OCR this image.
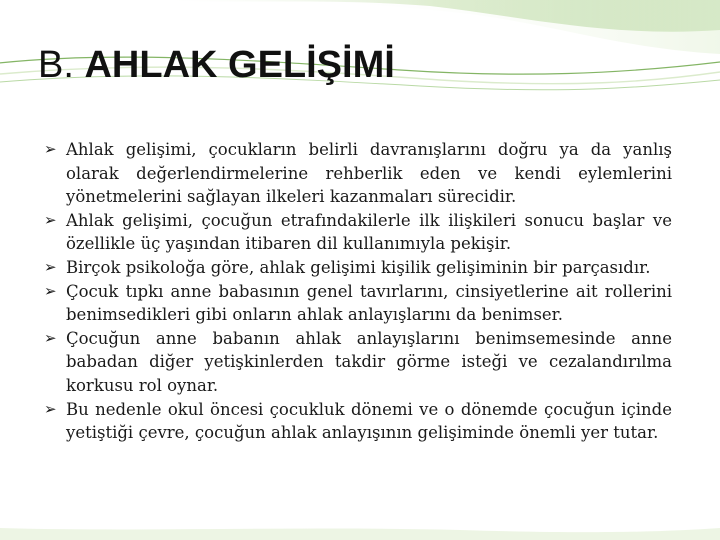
B. AHLAK GELİŞİMİ
➢ Ahlak gelişimi, çocukların belirli davranışlarını doğru ya da yanlış olarak değerlendirmelerine rehberlik eden ve kendi eylemlerini yönetmelerini sağlayan ilkeleri kazanmaları sürecidir.
➢ Ahlak gelişimi, çocuğun etrafındakilerle ilk ilişkileri sonucu başlar ve özellikle üç yaşından itibaren dil kullanımıyla pekişir.
➢ Birçok psikoloğa göre, ahlak gelişimi kişilik gelişiminin bir parçasıdır.
➢ Çocuk tıpkı anne babasının genel tavırlarını, cinsiyetlerine ait rollerini benimsedikleri gibi onların ahlak anlayışlarını da benimser.
➢ Çocuğun anne babanın ahlak anlayışlarını benimsemesinde anne babadan diğer yetişkinlerden takdir görme isteği ve cezalandırılma korkusu rol oynar.
➢ Bu nedenle okul öncesi çocukluk dönemi ve o dönemde çocuğun içinde yetiştiği çevre, çocuğun ahlak anlayışının gelişiminde önemli yer tutar.
